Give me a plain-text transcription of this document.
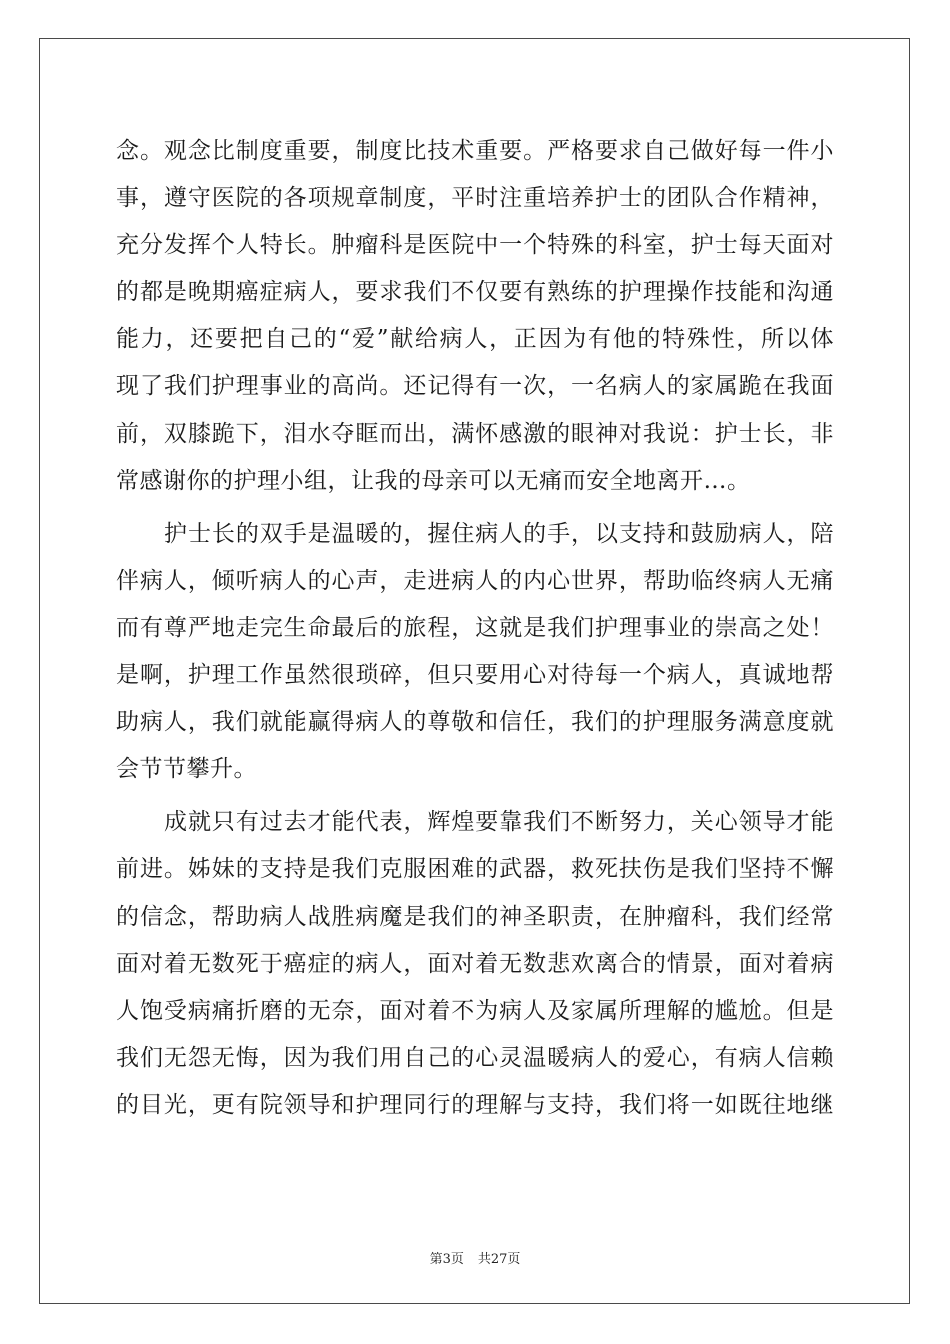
念。观念比制度重要，制度比技术重要。严格要求自己做好每一件小
事，遵守医院的各项规章制度，平时注重培养护士的团队合作精神，
充分发挥个人特长。肿瘤科是医院中一个特殊的科室，护士每天面对
的都是晚期癌症病人，要求我们不仅要有熟练的护理操作技能和沟通
能力，还要把自己的“爱”献给病人，正因为有他的特殊性，所以体
现了我们护理事业的高尚。还记得有一次，一名病人的家属跪在我面
前，双膝跪下，泪水夺眶而出，满怀感激的眼神对我说：护士长，非
常感谢你的护理小组，让我的母亲可以无痛而安全地离开…。
护士长的双手是温暖的，握住病人的手，以支持和鼓励病人，陪
伴病人，倾听病人的心声，走进病人的内心世界，帮助临终病人无痛
而有尊严地走完生命最后的旅程，这就是我们护理事业的崇高之处！
是啊，护理工作虽然很琐碎，但只要用心对待每一个病人，真诚地帮
助病人，我们就能赢得病人的尊敬和信任，我们的护理服务满意度就
会节节攀升。
成就只有过去才能代表，辉煌要靠我们不断努力，关心领导才能
前进。姊妹的支持是我们克服困难的武器，救死扶伤是我们坚持不懈
的信念，帮助病人战胜病魔是我们的神圣职责，在肿瘤科，我们经常
面对着无数死于癌症的病人，面对着无数悲欢离合的情景，面对着病
人饱受病痛折磨的无奈，面对着不为病人及家属所理解的尴尬。但是
我们无怨无悔，因为我们用自己的心灵温暖病人的爱心，有病人信赖
的目光，更有院领导和护理同行的理解与支持，我们将一如既往地继
第3页 共27页
